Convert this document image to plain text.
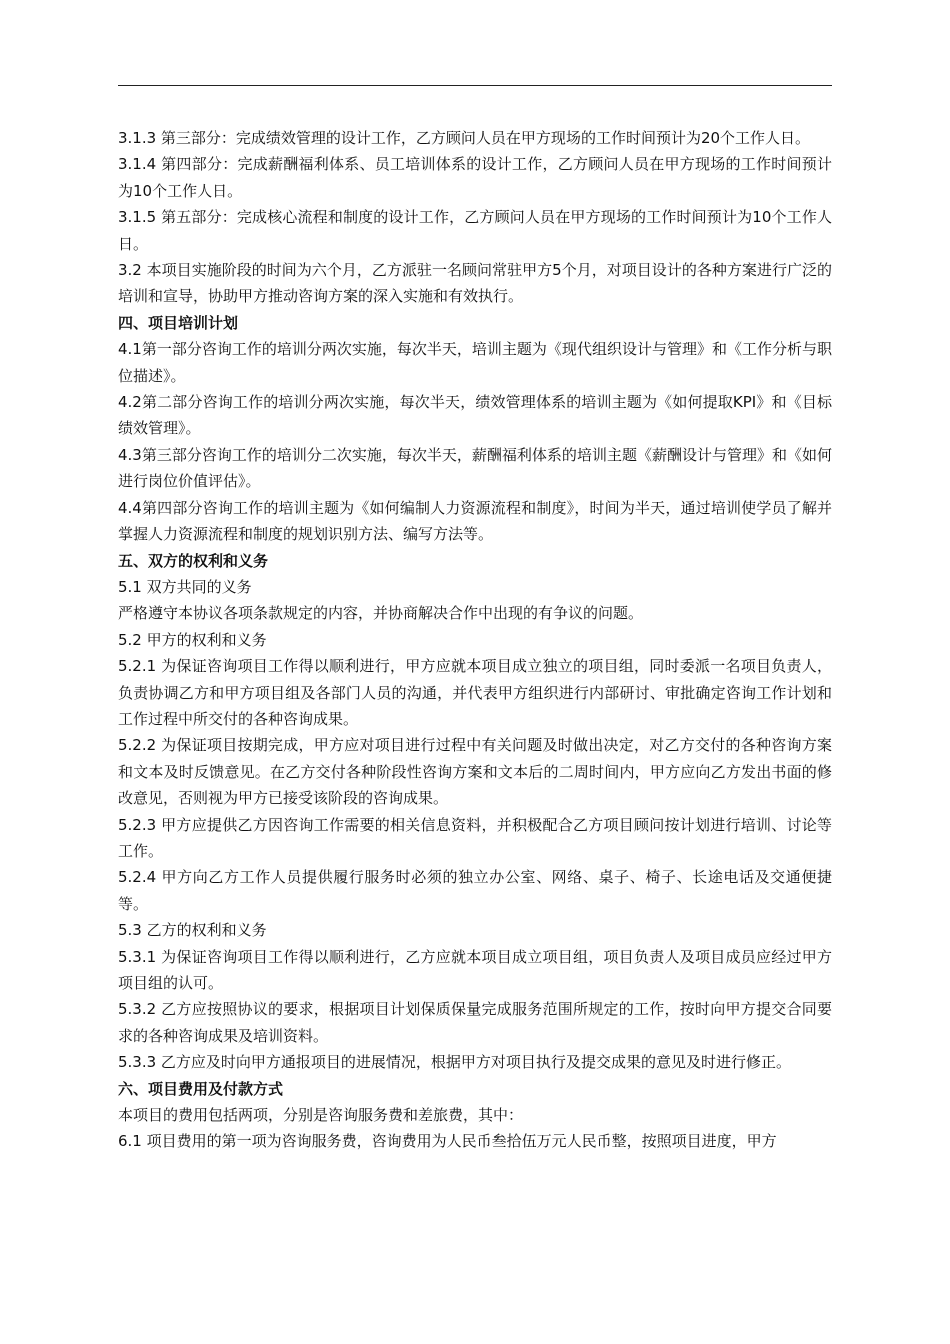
3.1.3 第三部分：完成绩效管理的设计工作，乙方顾问人员在甲方现场的工作时间预计为20个工作人日。

3.1.4 第四部分：完成薪酬福利体系、员工培训体系的设计工作，乙方顾问人员在甲方现场的工作时间预计为10个工作人日。

3.1.5 第五部分：完成核心流程和制度的设计工作，乙方顾问人员在甲方现场的工作时间预计为10个工作人日。

3.2 本项目实施阶段的时间为六个月，乙方派驻一名顾问常驻甲方5个月，对项目设计的各种方案进行广泛的培训和宣导，协助甲方推动咨询方案的深入实施和有效执行。

四、项目培训计划

4.1第一部分咨询工作的培训分两次实施，每次半天，培训主题为《现代组织设计与管理》和《工作分析与职位描述》。

4.2第二部分咨询工作的培训分两次实施，每次半天，绩效管理体系的培训主题为《如何提取KPI》和《目标绩效管理》。

4.3第三部分咨询工作的培训分二次实施，每次半天，薪酬福利体系的培训主题《薪酬设计与管理》和《如何进行岗位价值评估》。

4.4第四部分咨询工作的培训主题为《如何编制人力资源流程和制度》，时间为半天，通过培训使学员了解并掌握人力资源流程和制度的规划识别方法、编写方法等。

五、双方的权利和义务

5.1 双方共同的义务

严格遵守本协议各项条款规定的内容，并协商解决合作中出现的有争议的问题。

5.2 甲方的权利和义务

5.2.1 为保证咨询项目工作得以顺利进行，甲方应就本项目成立独立的项目组，同时委派一名项目负责人，负责协调乙方和甲方项目组及各部门人员的沟通，并代表甲方组织进行内部研讨、审批确定咨询工作计划和工作过程中所交付的各种咨询成果。

5.2.2 为保证项目按期完成，甲方应对项目进行过程中有关问题及时做出决定，对乙方交付的各种咨询方案和文本及时反馈意见。在乙方交付各种阶段性咨询方案和文本后的二周时间内，甲方应向乙方发出书面的修改意见，否则视为甲方已接受该阶段的咨询成果。

5.2.3 甲方应提供乙方因咨询工作需要的相关信息资料，并积极配合乙方项目顾问按计划进行培训、讨论等工作。

5.2.4 甲方向乙方工作人员提供履行服务时必须的独立办公室、网络、桌子、椅子、长途电话及交通便捷等。

5.3 乙方的权利和义务

5.3.1 为保证咨询项目工作得以顺利进行，乙方应就本项目成立项目组，项目负责人及项目成员应经过甲方项目组的认可。

5.3.2 乙方应按照协议的要求，根据项目计划保质保量完成服务范围所规定的工作，按时向甲方提交合同要求的各种咨询成果及培训资料。

5.3.3 乙方应及时向甲方通报项目的进展情况，根据甲方对项目执行及提交成果的意见及时进行修正。

六、项目费用及付款方式

本项目的费用包括两项，分别是咨询服务费和差旅费，其中：

6.1 项目费用的第一项为咨询服务费，咨询费用为人民币叁拾伍万元人民币整，按照项目进度，甲方
